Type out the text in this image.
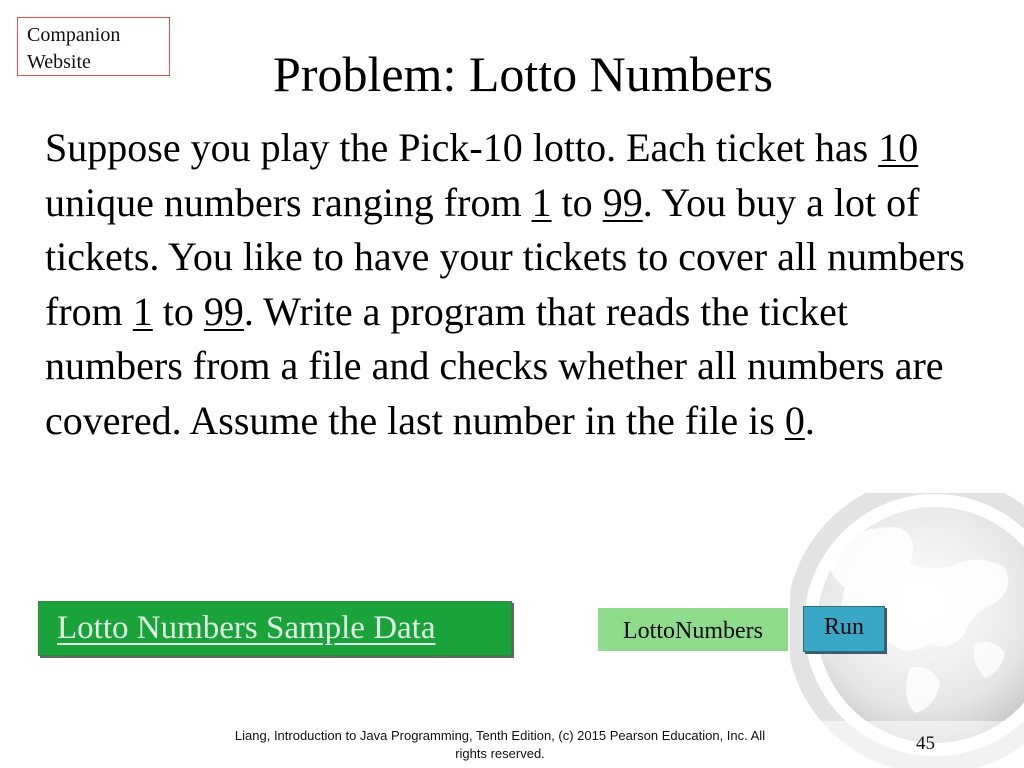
Companion
Website	Problem: Lotto Numbers

Suppose you play the Pick-10 lotto. Each ticket has 10 unique numbers ranging from 1 to 99. You buy a lot of tickets. You like to have your tickets to cover all numbers from 1 to 99. Write a program that reads the ticket numbers from a file and checks whether all numbers are covered. Assume the last number in the file is 0.

Lotto Numbers Sample Data	LottoNumbers	Run
Liang, Introduction to Java Programming, Tenth Edition, (c) 2015 Pearson Education, Inc. All
rights reserved.	45
